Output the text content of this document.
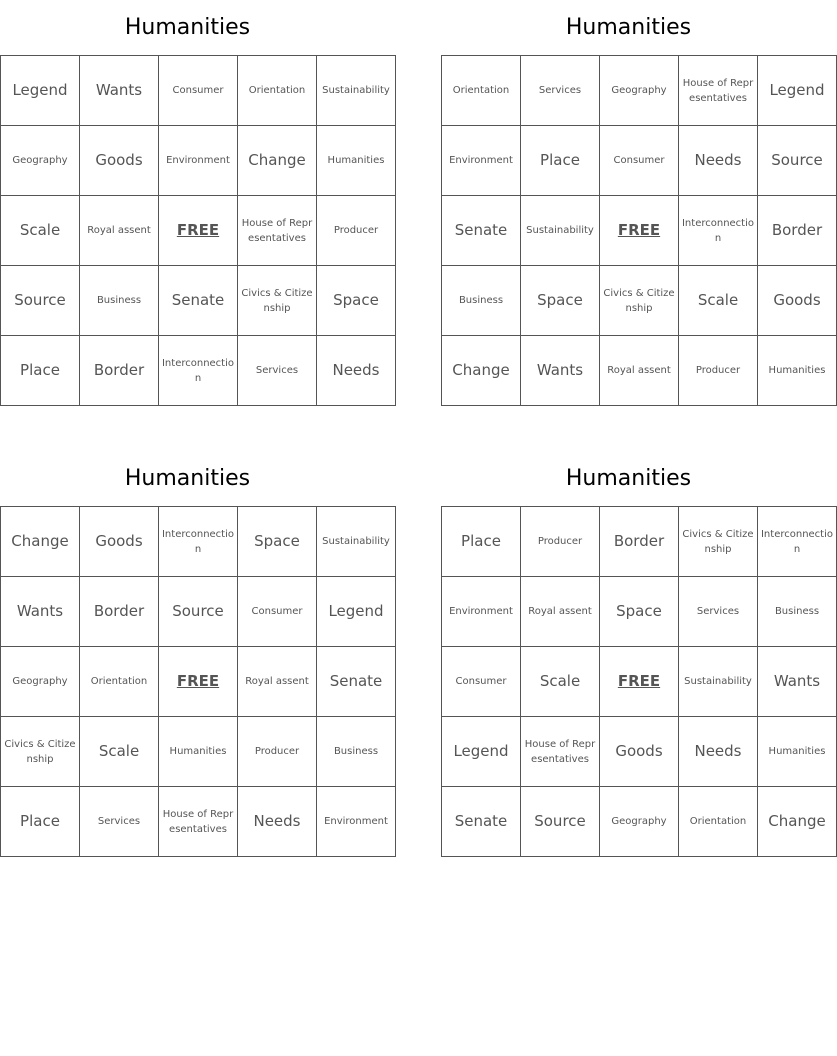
Humanities
Legend	Wants	Consumer	Orientation	Sustainability
Geography	Goods	Environment	Change	Humanities
Scale	Royal assent	FREE	House of Representatives	Producer
Source	Business	Senate	Civics & Citizenship	Space
Place	Border	Interconnection	Services	Needs
Humanities
Orientation	Services	Geography	House of Representatives	Legend
Environment	Place	Consumer	Needs	Source
Senate	Sustainability	FREE	Interconnection	Border
Business	Space	Civics & Citizenship	Scale	Goods
Change	Wants	Royal assent	Producer	Humanities
Humanities
Change	Goods	Interconnection	Space	Sustainability
Wants	Border	Source	Consumer	Legend
Geography	Orientation	FREE	Royal assent	Senate
Civics & Citizenship	Scale	Humanities	Producer	Business
Place	Services	House of Representatives	Needs	Environment
Humanities
Place	Producer	Border	Civics & Citizenship	Interconnection
Environment	Royal assent	Space	Services	Business
Consumer	Scale	FREE	Sustainability	Wants
Legend	House of Representatives	Goods	Needs	Humanities
Senate	Source	Geography	Orientation	Change
